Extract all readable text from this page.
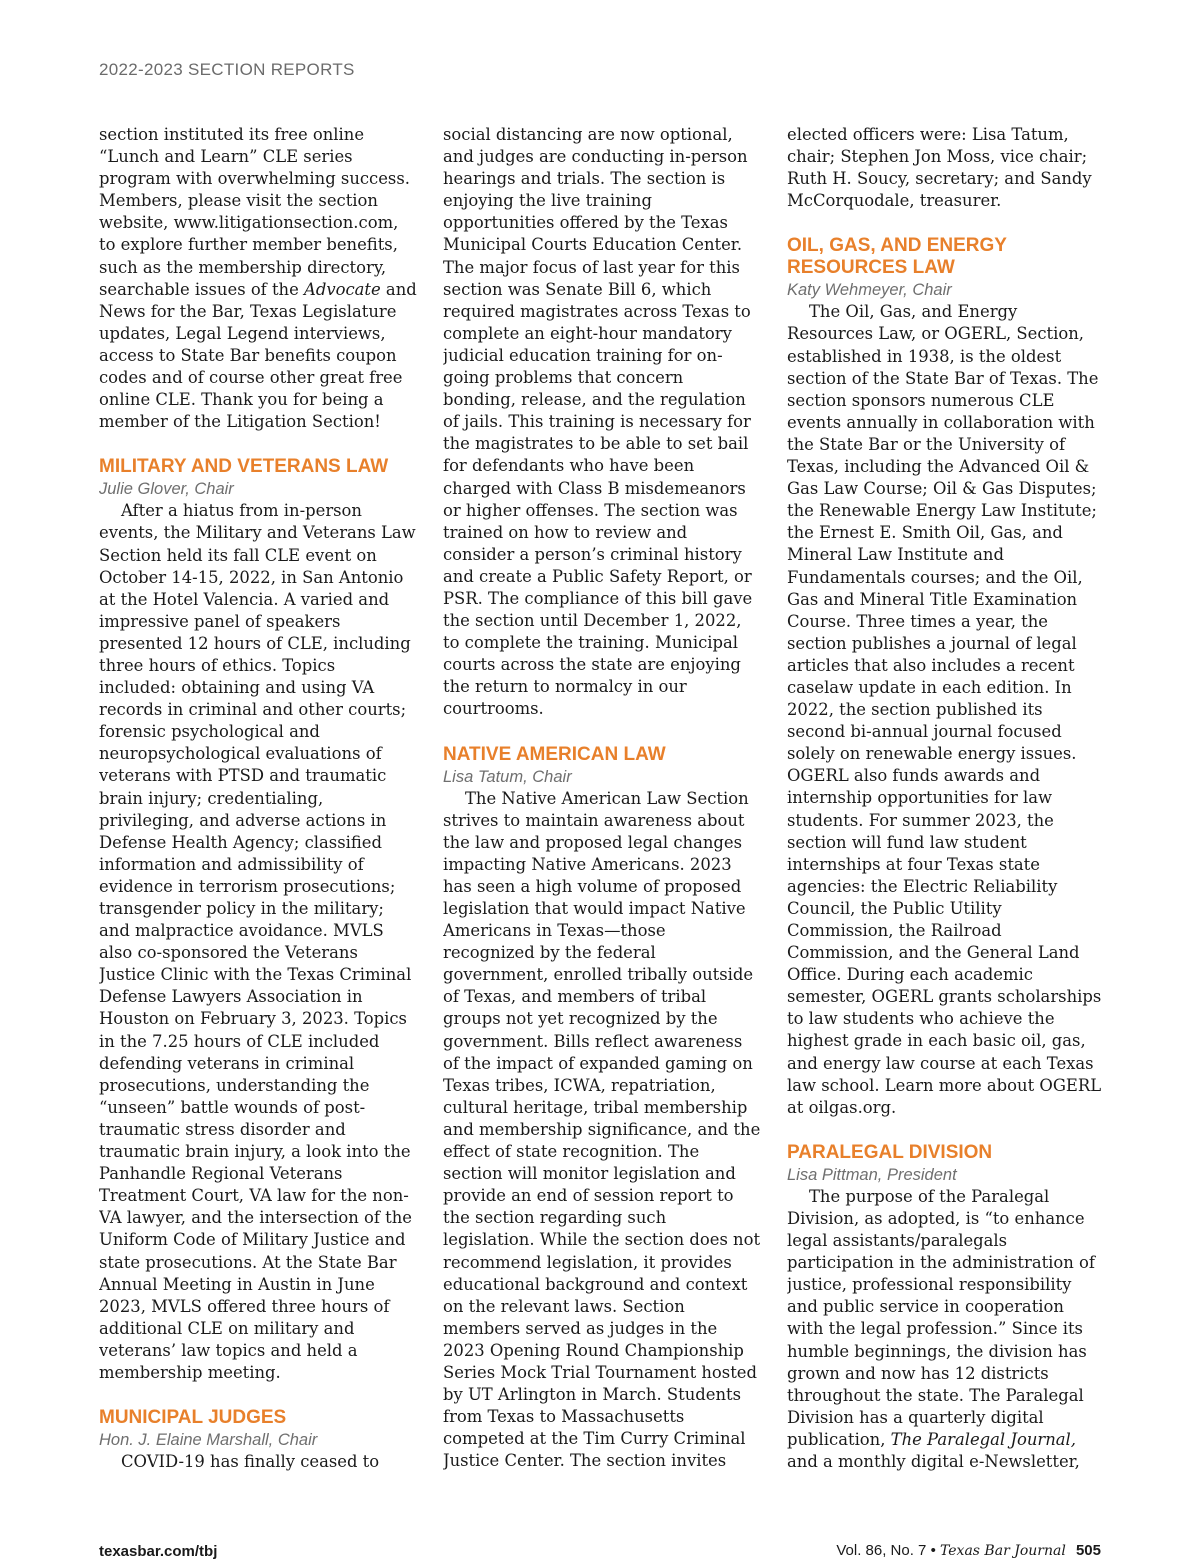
2022-2023 SECTION REPORTS

section instituted its free online “Lunch and Learn” CLE series program with overwhelming success. Members, please visit the section website, www.litigationsection.com, to explore further member benefits, such as the membership directory, searchable issues of the Advocate and News for the Bar, Texas Legislature updates, Legal Legend interviews, access to State Bar benefits coupon codes and of course other great free online CLE. Thank you for being a member of the Litigation Section!

MILITARY AND VETERANS LAW
Julie Glover, Chair

After a hiatus from in-person events, the Military and Veterans Law Section held its fall CLE event on October 14-15, 2022, in San Antonio at the Hotel Valencia. A varied and impressive panel of speakers presented 12 hours of CLE, including three hours of ethics. Topics included: obtaining and using VA records in criminal and other courts; forensic psychological and neuropsychological evaluations of veterans with PTSD and traumatic brain injury; credentialing, privileging, and adverse actions in Defense Health Agency; classified information and admissibility of evidence in terrorism prosecutions; transgender policy in the military; and malpractice avoidance. MVLS also co-sponsored the Veterans Justice Clinic with the Texas Criminal Defense Lawyers Association in Houston on February 3, 2023. Topics in the 7.25 hours of CLE included defending veterans in criminal prosecutions, understanding the “unseen” battle wounds of post-traumatic stress disorder and traumatic brain injury, a look into the Panhandle Regional Veterans Treatment Court, VA law for the non-VA lawyer, and the intersection of the Uniform Code of Military Justice and state prosecutions. At the State Bar Annual Meeting in Austin in June 2023, MVLS offered three hours of additional CLE on military and veterans’ law topics and held a membership meeting.

MUNICIPAL JUDGES
Hon. J. Elaine Marshall, Chair

COVID-19 has finally ceased to

social distancing are now optional, and judges are conducting in-person hearings and trials. The section is enjoying the live training opportunities offered by the Texas Municipal Courts Education Center. The major focus of last year for this section was Senate Bill 6, which required magistrates across Texas to complete an eight-hour mandatory judicial education training for on-going problems that concern bonding, release, and the regulation of jails. This training is necessary for the magistrates to be able to set bail for defendants who have been charged with Class B misdemeanors or higher offenses. The section was trained on how to review and consider a person’s criminal history and create a Public Safety Report, or PSR. The compliance of this bill gave the section until December 1, 2022, to complete the training. Municipal courts across the state are enjoying the return to normalcy in our courtrooms.

NATIVE AMERICAN LAW
Lisa Tatum, Chair

The Native American Law Section strives to maintain awareness about the law and proposed legal changes impacting Native Americans. 2023 has seen a high volume of proposed legislation that would impact Native Americans in Texas—those recognized by the federal government, enrolled tribally outside of Texas, and members of tribal groups not yet recognized by the government. Bills reflect awareness of the impact of expanded gaming on Texas tribes, ICWA, repatriation, cultural heritage, tribal membership and membership significance, and the effect of state recognition. The section will monitor legislation and provide an end of session report to the section regarding such legislation. While the section does not recommend legislation, it provides educational background and context on the relevant laws. Section members served as judges in the 2023 Opening Round Championship Series Mock Trial Tournament hosted by UT Arlington in March. Students from Texas to Massachusetts competed at the Tim Curry Criminal Justice Center. The section invites

elected officers were: Lisa Tatum, chair; Stephen Jon Moss, vice chair; Ruth H. Soucy, secretary; and Sandy McCorquodale, treasurer.

OIL, GAS, AND ENERGY RESOURCES LAW
Katy Wehmeyer, Chair

The Oil, Gas, and Energy Resources Law, or OGERL, Section, established in 1938, is the oldest section of the State Bar of Texas. The section sponsors numerous CLE events annually in collaboration with the State Bar or the University of Texas, including the Advanced Oil & Gas Law Course; Oil & Gas Disputes; the Renewable Energy Law Institute; the Ernest E. Smith Oil, Gas, and Mineral Law Institute and Fundamentals courses; and the Oil, Gas and Mineral Title Examination Course. Three times a year, the section publishes a journal of legal articles that also includes a recent caselaw update in each edition. In 2022, the section published its second bi-annual journal focused solely on renewable energy issues. OGERL also funds awards and internship opportunities for law students. For summer 2023, the section will fund law student internships at four Texas state agencies: the Electric Reliability Council, the Public Utility Commission, the Railroad Commission, and the General Land Office. During each academic semester, OGERL grants scholarships to law students who achieve the highest grade in each basic oil, gas, and energy law course at each Texas law school. Learn more about OGERL at oilgas.org.

PARALEGAL DIVISION
Lisa Pittman, President

The purpose of the Paralegal Division, as adopted, is “to enhance legal assistants/paralegals participation in the administration of justice, professional responsibility and public service in cooperation with the legal profession.” Since its humble beginnings, the division has grown and now has 12 districts throughout the state. The Paralegal Division has a quarterly digital publication, The Paralegal Journal, and a monthly digital e-Newsletter,

texasbar.com/tbj	Vol. 86, No. 7 • Texas Bar Journal 505
